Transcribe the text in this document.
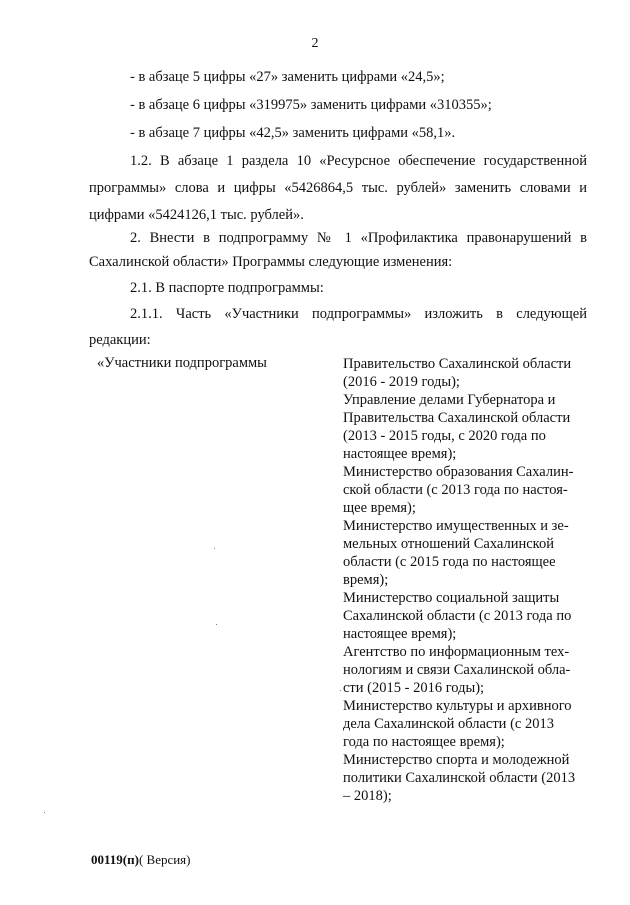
2
- в абзаце 5 цифры «27» заменить цифрами «24,5»;
- в абзаце 6 цифры «319975» заменить цифрами «310355»;
- в абзаце 7 цифры «42,5» заменить цифрами «58,1».
1.2. В абзаце 1 раздела 10 «Ресурсное обеспечение государственной
программы» слова и цифры «5426864,5 тыс. рублей» заменить словами и
цифрами «5424126,1 тыс. рублей».
2. Внести в подпрограмму № 1 «Профилактика правонарушений в
Сахалинской области» Программы следующие изменения:
2.1. В паспорте подпрограммы:
2.1.1. Часть «Участники подпрограммы» изложить в следующей
редакции:
«Участники подпрограммы	Правительство Сахалинской области
(2016 - 2019 годы);
Управление делами Губернатора и
Правительства Сахалинской области
(2013 - 2015 годы, с 2020 года по
настоящее время);
Министерство образования Сахалин-
ской области (с 2013 года по настоя-
щее время);
Министерство имущественных и зе-
мельных отношений Сахалинской
области (с 2015 года по настоящее
время);
Министерство социальной защиты
Сахалинской области (с 2013 года по
настоящее время);
Агентство по информационным тех-
нологиям и связи Сахалинской обла-
сти (2015 - 2016 годы);
Министерство культуры и архивного
дела Сахалинской области (с 2013
года по настоящее время);
Министерство спорта и молодежной
политики Сахалинской области (2013
– 2018);
00119(п)( Версия)
